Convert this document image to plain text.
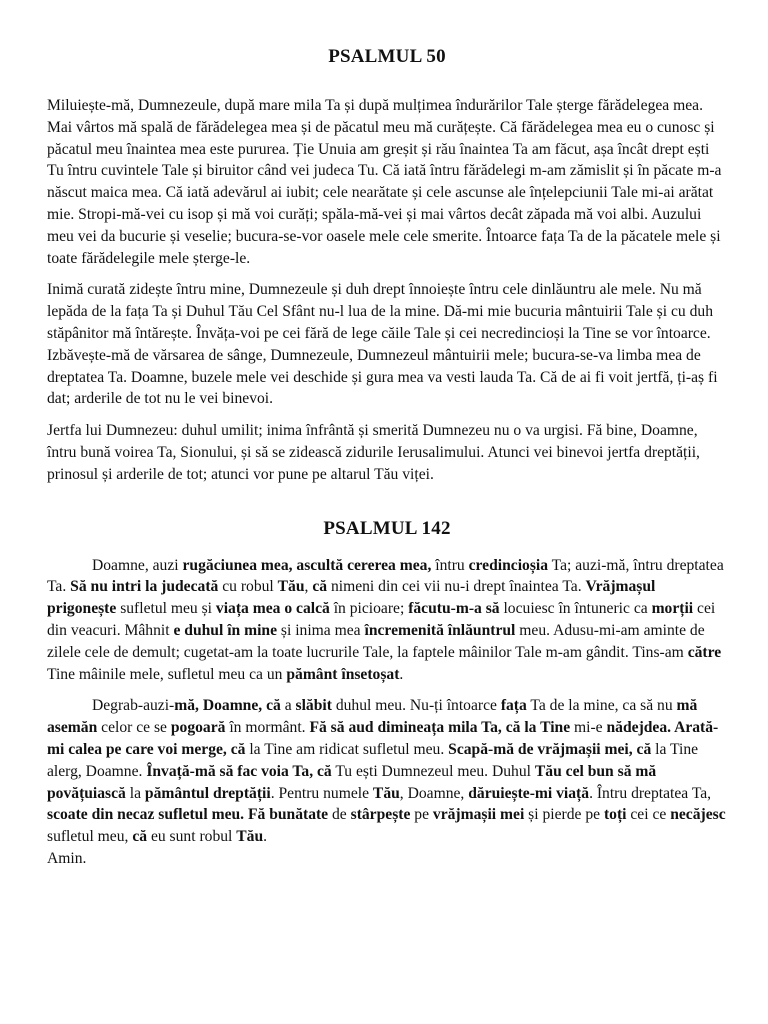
PSALMUL 50

Miluiește-mă, Dumnezeule, după mare mila Ta și după mulțimea îndurărilor Tale șterge fărădelegea mea. Mai vârtos mă spală de fărădelegea mea și de păcatul meu mă curățește. Că fărădelegea mea eu o cunosc și păcatul meu înaintea mea este pururea. Ție Unuia am greșit și rău înaintea Ta am făcut, așa încât drept ești Tu întru cuvintele Tale și biruitor când vei judeca Tu. Că iată întru fărădelegi m-am zămislit și în păcate m-a născut maica mea. Că iată adevărul ai iubit; cele nearătate și cele ascunse ale înțelepciunii Tale mi-ai arătat mie. Stropi-mă-vei cu isop și mă voi curăți; spăla-mă-vei și mai vârtos decât zăpada mă voi albi. Auzului meu vei da bucurie și veselie; bucura-se-vor oasele mele cele smerite. Întoarce fața Ta de la păcatele mele și toate fărădelegile mele șterge-le.

Inimă curată zidește întru mine, Dumnezeule și duh drept înnoiește întru cele dinlăuntru ale mele. Nu mă lepăda de la fața Ta și Duhul Tău Cel Sfânt nu-l lua de la mine. Dă-mi mie bucuria mântuirii Tale și cu duh stăpânitor mă întărește. Învăța-voi pe cei fără de lege căile Tale și cei necredincioși la Tine se vor întoarce. Izbăvește-mă de vărsarea de sânge, Dumnezeule, Dumnezeul mântuirii mele; bucura-se-va limba mea de dreptatea Ta. Doamne, buzele mele vei deschide și gura mea va vesti lauda Ta. Că de ai fi voit jertfă, ți-aș fi dat; arderile de tot nu le vei binevoi.

Jertfa lui Dumnezeu: duhul umilit; inima înfrântă și smerită Dumnezeu nu o va urgisi. Fă bine, Doamne, întru bună voirea Ta, Sionului, și să se zidească zidurile Ierusalimului. Atunci vei binevoi jertfa dreptății, prinosul și arderile de tot; atunci vor pune pe altarul Tău viței.

PSALMUL 142

Doamne, auzi rugăciunea mea, ascultă cererea mea, întru credincioșia Ta; auzi-mă, întru dreptatea Ta. Să nu intri la judecată cu robul Tău, că nimeni din cei vii nu-i drept înaintea Ta. Vrăjmașul prigonește sufletul meu și viața mea o calcă în picioare; făcutu-m-a să locuiesc în întuneric ca morții cei din veacuri. Mâhnit e duhul în mine și inima mea încremenită înlăuntrul meu. Adusu-mi-am aminte de zilele cele de demult; cugetat-am la toate lucrurile Tale, la faptele mâinilor Tale m-am gândit. Tins-am către Tine mâinile mele, sufletul meu ca un pământ însetoșat.

Degrab-auzi-mă, Doamne, că a slăbit duhul meu. Nu-ți întoarce fața Ta de la mine, ca să nu mă asemăn celor ce se pogoară în mormânt. Fă să aud dimineața mila Ta, că la Tine mi-e nădejdea. Arată-mi calea pe care voi merge, că la Tine am ridicat sufletul meu. Scapă-mă de vrăjmașii mei, că la Tine alerg, Doamne. Învață-mă să fac voia Ta, că Tu ești Dumnezeul meu. Duhul Tău cel bun să mă povățuiască la pământul dreptății. Pentru numele Tău, Doamne, dăruiește-mi viață. Întru dreptatea Ta, scoate din necaz sufletul meu. Fă bunătate de stârpește pe vrăjmașii mei și pierde pe toți cei ce necăjesc sufletul meu, că eu sunt robul Tău.

Amin.
